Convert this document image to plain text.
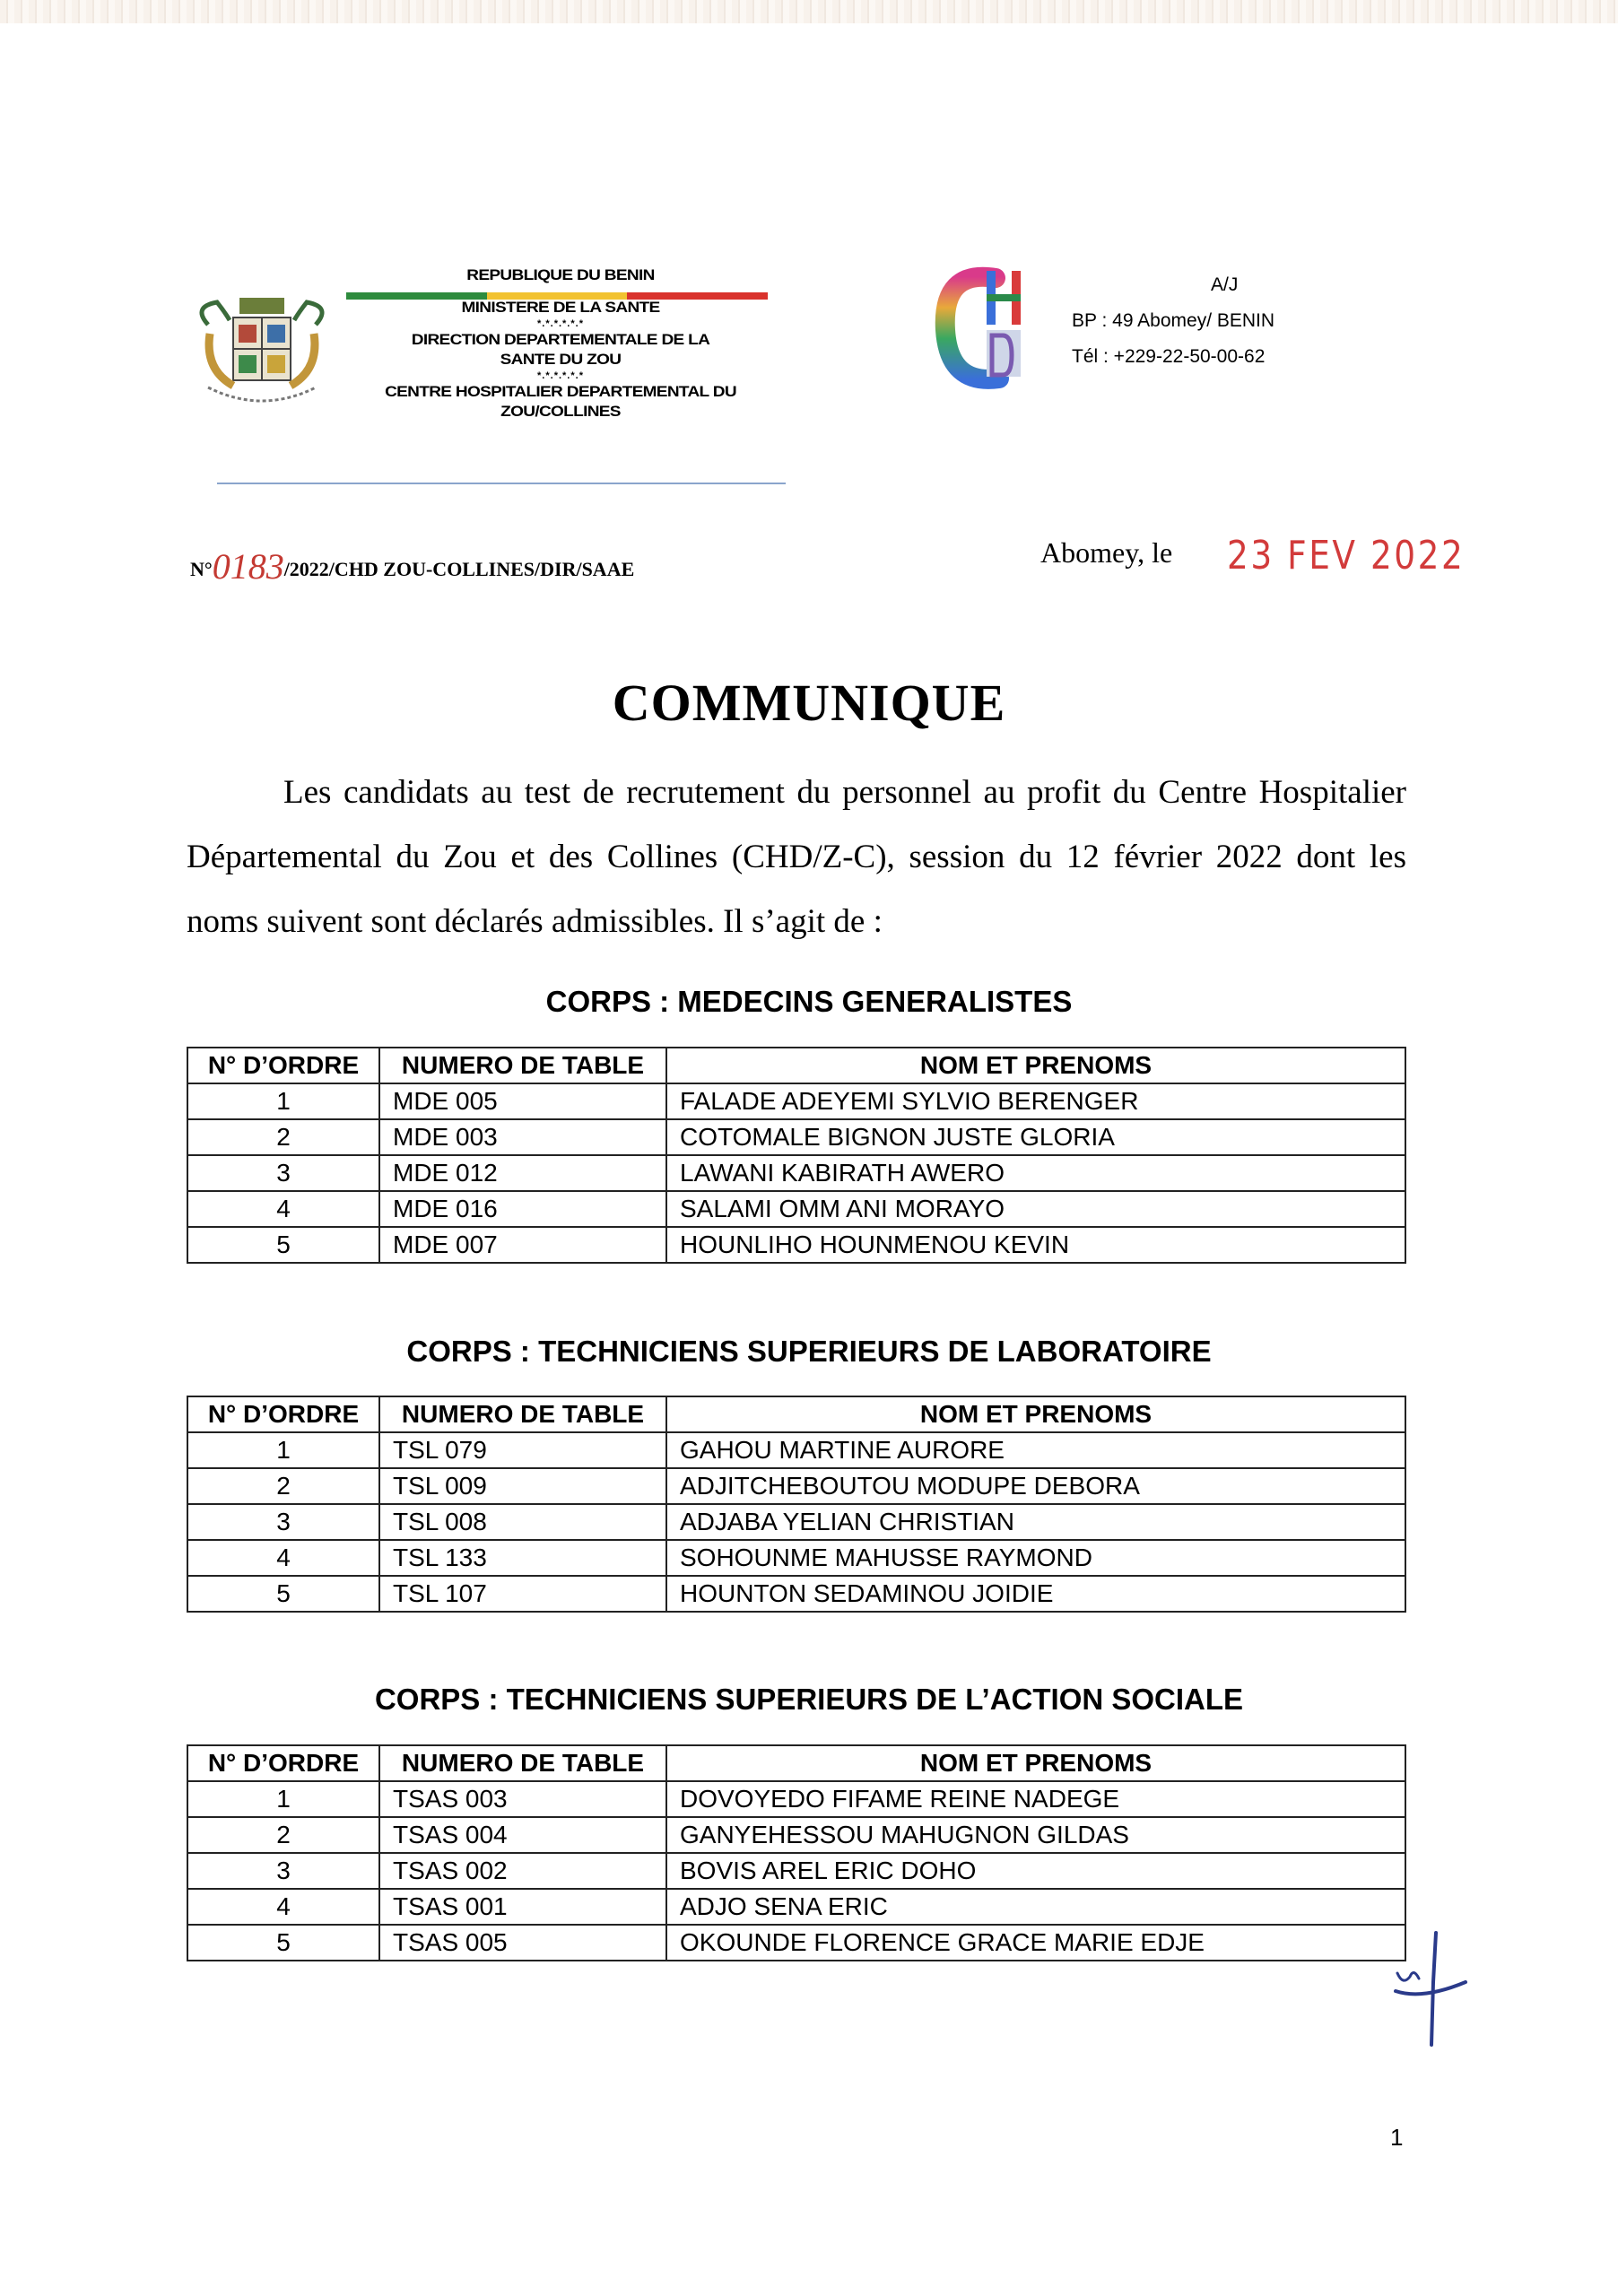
REPUBLIQUE DU BENIN
MINISTERE DE LA SANTE
*.*.*.*.*.*
DIRECTION DEPARTEMENTALE DE LA
SANTE DU ZOU
*.*.*.*.*.*
CENTRE HOSPITALIER DEPARTEMENTAL DU
ZOU/COLLINES
A/J
BP : 49 Abomey/ BENIN
Tél : +229-22-50-00-62
N°0183/2022/CHD ZOU-COLLINES/DIR/SAAE
Abomey, le 23 FEV 2022
COMMUNIQUE
Les candidats au test de recrutement du personnel au profit du Centre Hospitalier Départemental du Zou et des Collines (CHD/Z-C), session du 12 février 2022 dont les noms suivent sont déclarés admissibles. Il s’agit de :
CORPS : MEDECINS GENERALISTES
N° D’ORDRE	NUMERO DE TABLE	NOM ET PRENOMS
1	MDE 005	FALADE ADEYEMI SYLVIO BERENGER
2	MDE 003	COTOMALE BIGNON JUSTE GLORIA
3	MDE 012	LAWANI KABIRATH AWERO
4	MDE 016	SALAMI OMM ANI MORAYO
5	MDE 007	HOUNLIHO HOUNMENOU KEVIN
CORPS : TECHNICIENS SUPERIEURS DE LABORATOIRE
N° D’ORDRE	NUMERO DE TABLE	NOM ET PRENOMS
1	TSL 079	GAHOU MARTINE AURORE
2	TSL 009	ADJITCHEBOUTOU MODUPE DEBORA
3	TSL 008	ADJABA YELIAN CHRISTIAN
4	TSL 133	SOHOUNME MAHUSSE RAYMOND
5	TSL 107	HOUNTON SEDAMINOU JOIDIE
CORPS : TECHNICIENS SUPERIEURS DE L’ACTION SOCIALE
N° D’ORDRE	NUMERO DE TABLE	NOM ET PRENOMS
1	TSAS 003	DOVOYEDO FIFAME REINE NADEGE
2	TSAS 004	GANYEHESSOU MAHUGNON GILDAS
3	TSAS 002	BOVIS AREL ERIC DOHO
4	TSAS 001	ADJO SENA ERIC
5	TSAS 005	OKOUNDE FLORENCE GRACE MARIE EDJE
1
